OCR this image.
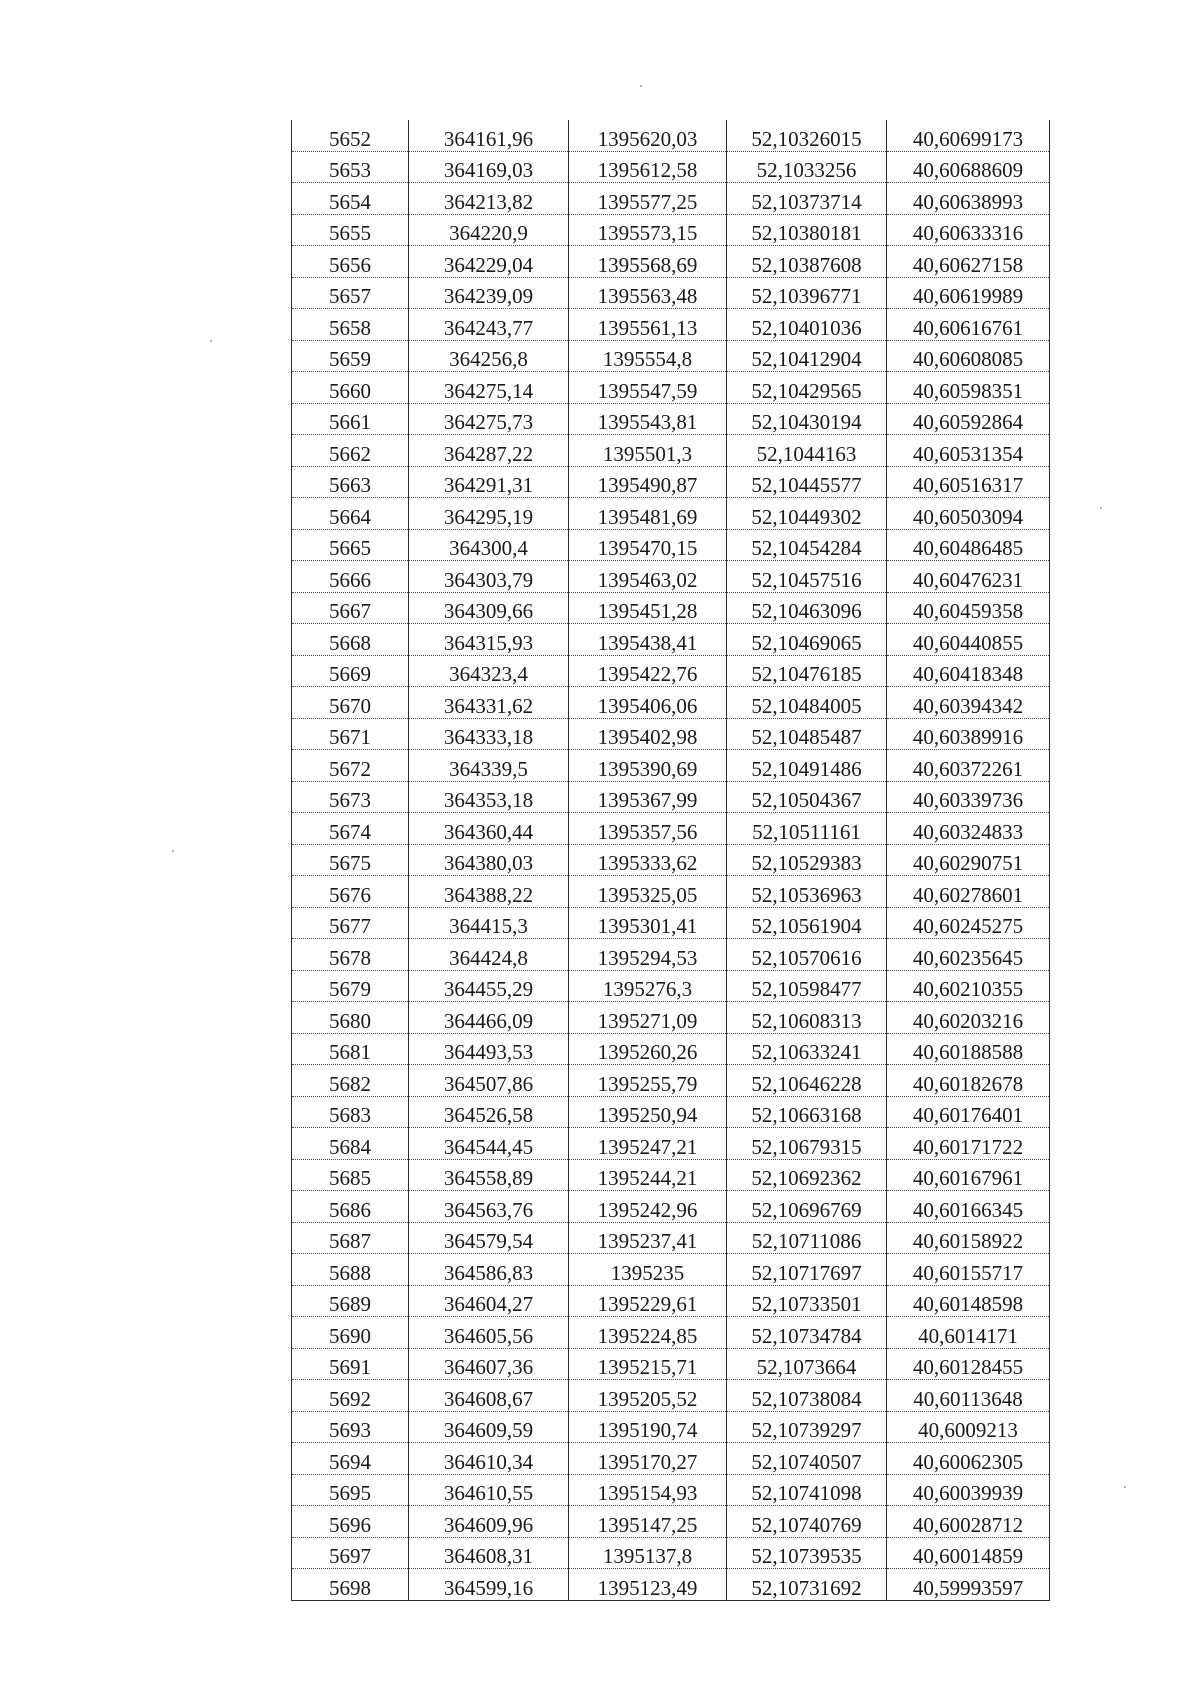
5652	364161,96	1395620,03	52,10326015	40,60699173
5653	364169,03	1395612,58	52,1033256	40,60688609
5654	364213,82	1395577,25	52,10373714	40,60638993
5655	364220,9	1395573,15	52,10380181	40,60633316
5656	364229,04	1395568,69	52,10387608	40,60627158
5657	364239,09	1395563,48	52,10396771	40,60619989
5658	364243,77	1395561,13	52,10401036	40,60616761
5659	364256,8	1395554,8	52,10412904	40,60608085
5660	364275,14	1395547,59	52,10429565	40,60598351
5661	364275,73	1395543,81	52,10430194	40,60592864
5662	364287,22	1395501,3	52,1044163	40,60531354
5663	364291,31	1395490,87	52,10445577	40,60516317
5664	364295,19	1395481,69	52,10449302	40,60503094
5665	364300,4	1395470,15	52,10454284	40,60486485
5666	364303,79	1395463,02	52,10457516	40,60476231
5667	364309,66	1395451,28	52,10463096	40,60459358
5668	364315,93	1395438,41	52,10469065	40,60440855
5669	364323,4	1395422,76	52,10476185	40,60418348
5670	364331,62	1395406,06	52,10484005	40,60394342
5671	364333,18	1395402,98	52,10485487	40,60389916
5672	364339,5	1395390,69	52,10491486	40,60372261
5673	364353,18	1395367,99	52,10504367	40,60339736
5674	364360,44	1395357,56	52,10511161	40,60324833
5675	364380,03	1395333,62	52,10529383	40,60290751
5676	364388,22	1395325,05	52,10536963	40,60278601
5677	364415,3	1395301,41	52,10561904	40,60245275
5678	364424,8	1395294,53	52,10570616	40,60235645
5679	364455,29	1395276,3	52,10598477	40,60210355
5680	364466,09	1395271,09	52,10608313	40,60203216
5681	364493,53	1395260,26	52,10633241	40,60188588
5682	364507,86	1395255,79	52,10646228	40,60182678
5683	364526,58	1395250,94	52,10663168	40,60176401
5684	364544,45	1395247,21	52,10679315	40,60171722
5685	364558,89	1395244,21	52,10692362	40,60167961
5686	364563,76	1395242,96	52,10696769	40,60166345
5687	364579,54	1395237,41	52,10711086	40,60158922
5688	364586,83	1395235	52,10717697	40,60155717
5689	364604,27	1395229,61	52,10733501	40,60148598
5690	364605,56	1395224,85	52,10734784	40,6014171
5691	364607,36	1395215,71	52,1073664	40,60128455
5692	364608,67	1395205,52	52,10738084	40,60113648
5693	364609,59	1395190,74	52,10739297	40,6009213
5694	364610,34	1395170,27	52,10740507	40,60062305
5695	364610,55	1395154,93	52,10741098	40,60039939
5696	364609,96	1395147,25	52,10740769	40,60028712
5697	364608,31	1395137,8	52,10739535	40,60014859
5698	364599,16	1395123,49	52,10731692	40,59993597
